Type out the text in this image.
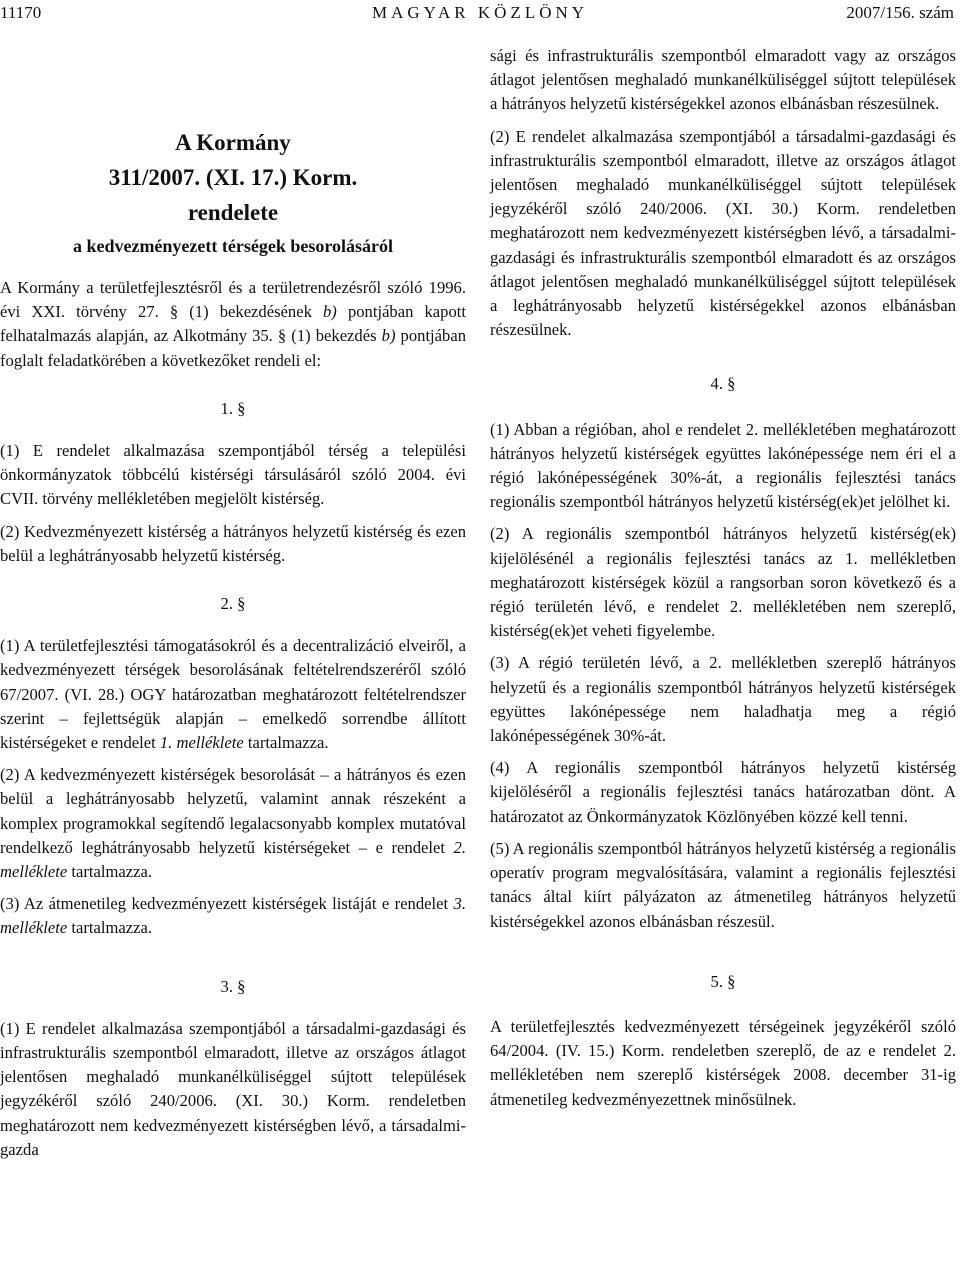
11170	MAGYAR KÖZLÖNY	2007/156. szám
A Kormány
311/2007. (XI. 17.) Korm.
rendelete
a kedvezményezett térségek besorolásáról

A Kormány a területfejlesztésről és a területrendezésről szóló 1996. évi XXI. törvény 27. § (1) bekezdésének b) pontjában kapott felhatalmazás alapján, az Alkotmány 35. § (1) bekezdés b) pontjában foglalt feladatkörében a következőket rendeli el:

1. §

(1) E rendelet alkalmazása szempontjából térség a települési önkormányzatok többcélú kistérségi társulásáról szóló 2004. évi CVII. törvény mellékletében megjelölt kistérség.

(2) Kedvezményezett kistérség a hátrányos helyzetű kistérség és ezen belül a leghátrányosabb helyzetű kistérség.

2. §

(1) A területfejlesztési támogatásokról és a decentralizáció elveiről, a kedvezményezett térségek besorolásának feltételrendszeréről szóló 67/2007. (VI. 28.) OGY határozatban meghatározott feltételrendszer szerint – fejlettségük alapján – emelkedő sorrendbe állított kistérségeket e rendelet 1. melléklete tartalmazza.

(2) A kedvezményezett kistérségek besorolását – a hátrányos és ezen belül a leghátrányosabb helyzetű, valamint annak részeként a komplex programokkal segítendő legalacsonyabb komplex mutatóval rendelkező leghátrányosabb helyzetű kistérségeket – e rendelet 2. melléklete tartalmazza.

(3) Az átmenetileg kedvezményezett kistérségek listáját e rendelet 3. melléklete tartalmazza.

3. §

(1) E rendelet alkalmazása szempontjából a társadalmi-gazdasági és infrastrukturális szempontból elmaradott, illetve az országos átlagot jelentősen meghaladó munkanélküliséggel sújtott települések jegyzékéről szóló 240/2006. (XI. 30.) Korm. rendeletben meghatározott nem kedvezményezett kistérségben lévő, a társadalmi-gazda

sági és infrastrukturális szempontból elmaradott vagy az országos átlagot jelentősen meghaladó munkanélküliséggel sújtott települések a hátrányos helyzetű kistérségekkel azonos elbánásban részesülnek.

(2) E rendelet alkalmazása szempontjából a társadalmi-gazdasági és infrastrukturális szempontból elmaradott, illetve az országos átlagot jelentősen meghaladó munkanélküliséggel sújtott települések jegyzékéről szóló 240/2006. (XI. 30.) Korm. rendeletben meghatározott nem kedvezményezett kistérségben lévő, a társadalmi-gazdasági és infrastrukturális szempontból elmaradott és az országos átlagot jelentősen meghaladó munkanélküliséggel sújtott települések a leghátrányosabb helyzetű kistérségekkel azonos elbánásban részesülnek.

4. §

(1) Abban a régióban, ahol e rendelet 2. mellékletében meghatározott hátrányos helyzetű kistérségek együttes lakónépessége nem éri el a régió lakónépességének 30%-át, a regionális fejlesztési tanács regionális szempontból hátrányos helyzetű kistérség(ek)et jelölhet ki.

(2) A regionális szempontból hátrányos helyzetű kistérség(ek) kijelölésénél a regionális fejlesztési tanács az 1. mellékletben meghatározott kistérségek közül a rangsorban soron következő és a régió területén lévő, e rendelet 2. mellékletében nem szereplő, kistérség(ek)et veheti figyelembe.

(3) A régió területén lévő, a 2. mellékletben szereplő hátrányos helyzetű és a regionális szempontból hátrányos helyzetű kistérségek együttes lakónépessége nem haladhatja meg a régió lakónépességének 30%-át.

(4) A regionális szempontból hátrányos helyzetű kistérség kijelöléséről a regionális fejlesztési tanács határozatban dönt. A határozatot az Önkormányzatok Közlönyében közzé kell tenni.

(5) A regionális szempontból hátrányos helyzetű kistérség a regionális operatív program megvalósítására, valamint a regionális fejlesztési tanács által kiírt pályázaton az átmenetileg hátrányos helyzetű kistérségekkel azonos elbánásban részesül.

5. §

A területfejlesztés kedvezményezett térségeinek jegyzékéről szóló 64/2004. (IV. 15.) Korm. rendeletben szereplő, de az e rendelet 2. mellékletében nem szereplő kistérségek 2008. december 31-ig átmenetileg kedvezményezettnek minősülnek.
